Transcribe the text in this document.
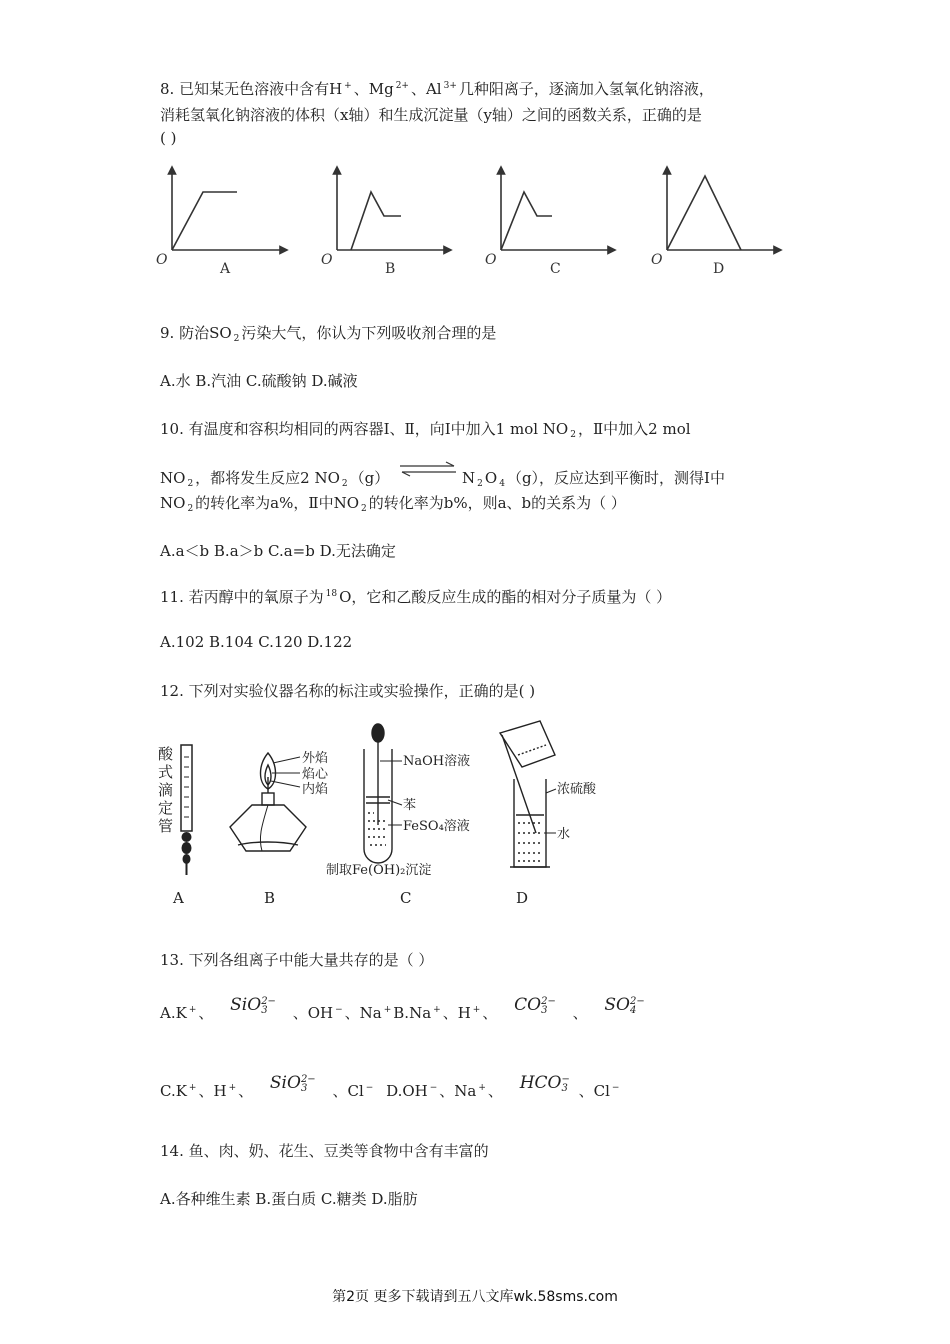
8. 已知某无色溶液中含有H + 、Mg $^{2+}$ 、Al $^{3+}$ 几种阳离子，逐滴加入氢氧化钠溶液，
消耗氢氧化钠溶液的体积（x轴）和生成沉淀量（y轴）之间的函数关系，正确的是
( )
O
A
O
B
O
C
O
D
9. 防治SO $_2$ 污染大气，你认为下列吸收剂合理的是
A.水 B.汽油 C.硫酸钠 D.碱液
10. 有温度和容积均相同的两容器Ⅰ、Ⅱ，向Ⅰ中加入1 mol NO $_2$ ，Ⅱ中加入2 mol
NO $_2$ ，都将发生反应2 NO $_2$ （g） ⇌ N $_2$ O $_4$ （g），反应达到平衡时，测得Ⅰ中
NO $_2$ 的转化率为a%，Ⅱ中NO $_2$ 的转化率为b%，则a、b的关系为（ ）
A.a＜b B.a＞b C.a=b D.无法确定
11. 若丙醇中的氧原子为 $^{18}$ O，它和乙酸反应生成的酯的相对分子质量为（ ）
A.102 B.104 C.120 D.122
12. 下列对实验仪器名称的标注或实验操作，正确的是( )
酸
式
滴
定
管
A
外焰
焰心
内焰
B
NaOH溶液
苯
FeSO₄溶液
制取Fe(OH)₂沉淀
C
浓硫酸
水
D
13. 下列各组离子中能大量共存的是（ ）
A.K + 、 SiO2−
3 、OH − 、Na + B.Na + 、H + 、 CO2−
3 、 SO2−
4
C.K + 、H + 、 SiO2−
3 、Cl − D.OH − 、Na + 、 HCO−
3 、Cl −
14. 鱼、肉、奶、花生、豆类等食物中含有丰富的
A.各种维生素 B.蛋白质 C.糖类 D.脂肪
第2页 更多下载请到五八文库wk.58sms.com
